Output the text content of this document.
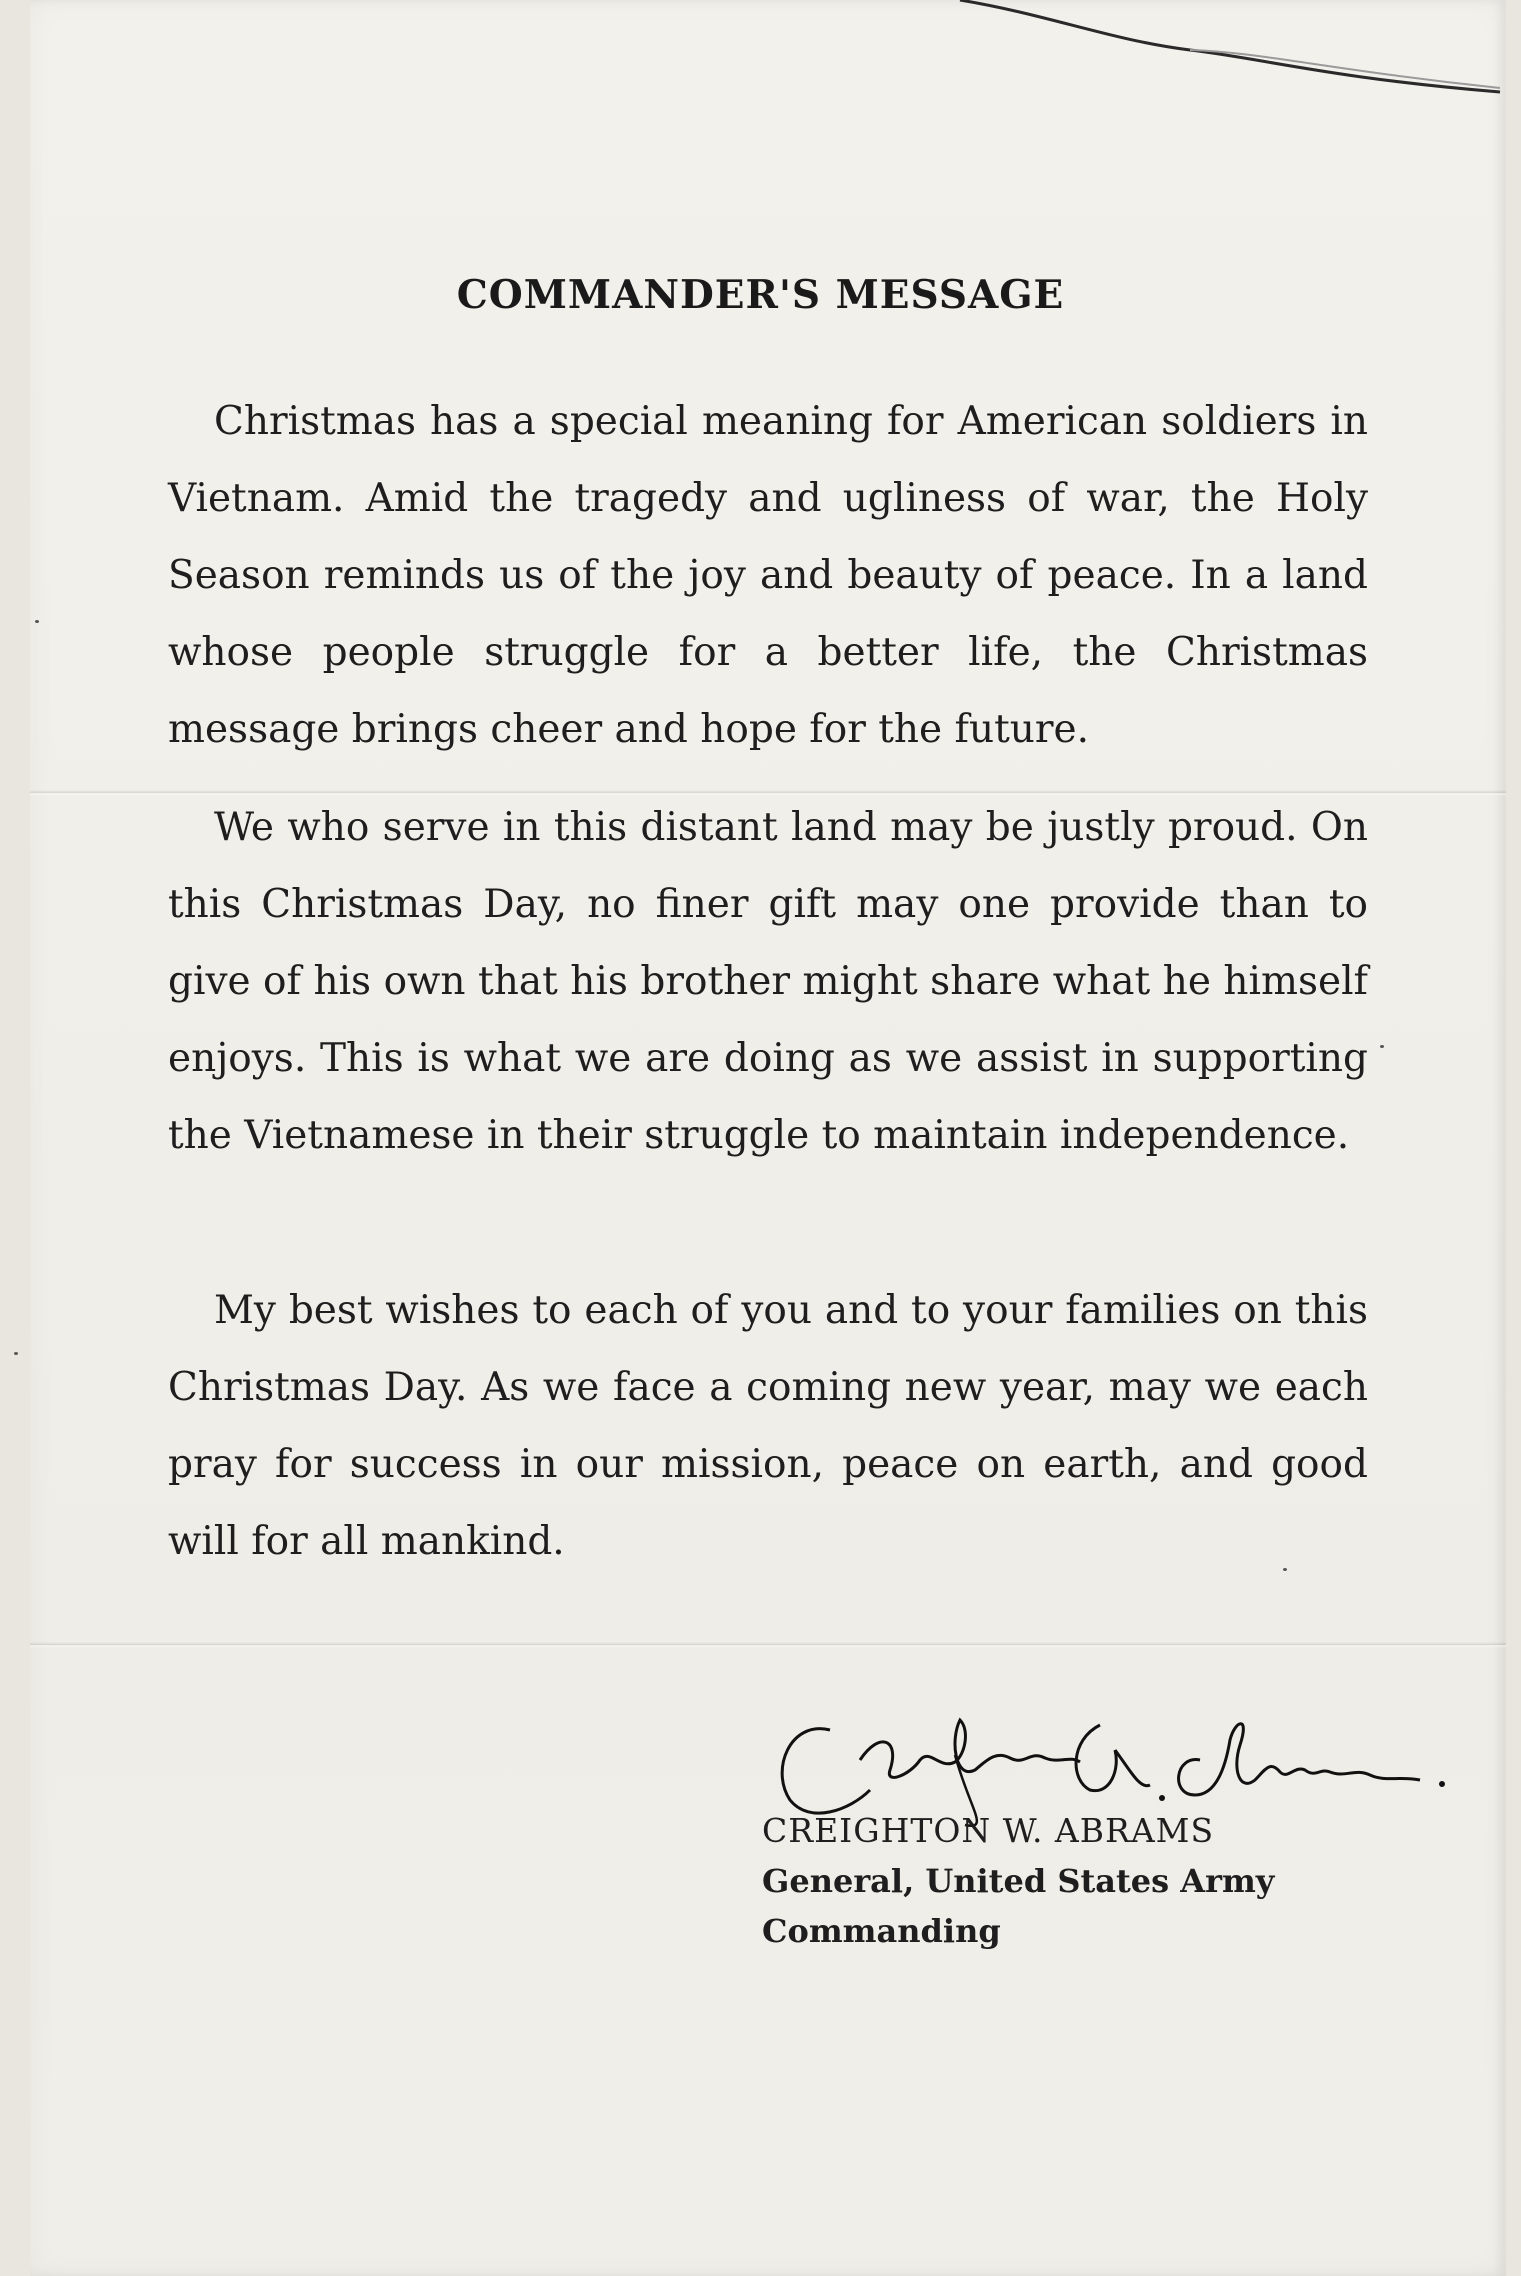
COMMANDER'S MESSAGE

Christmas has a special meaning for American soldiers in Vietnam. Amid the tragedy and ugliness of war, the Holy Season reminds us of the joy and beauty of peace. In a land whose people struggle for a better life, the Christmas message brings cheer and hope for the future.

We who serve in this distant land may be justly proud. On this Christmas Day, no finer gift may one provide than to give of his own that his brother might share what he himself enjoys. This is what we are doing as we assist in supporting the Vietnamese in their struggle to maintain independence.

My best wishes to each of you and to your families on this Christmas Day. As we face a coming new year, may we each pray for success in our mission, peace on earth, and good will for all mankind.

CREIGHTON W. ABRAMS
General, United States Army
Commanding
